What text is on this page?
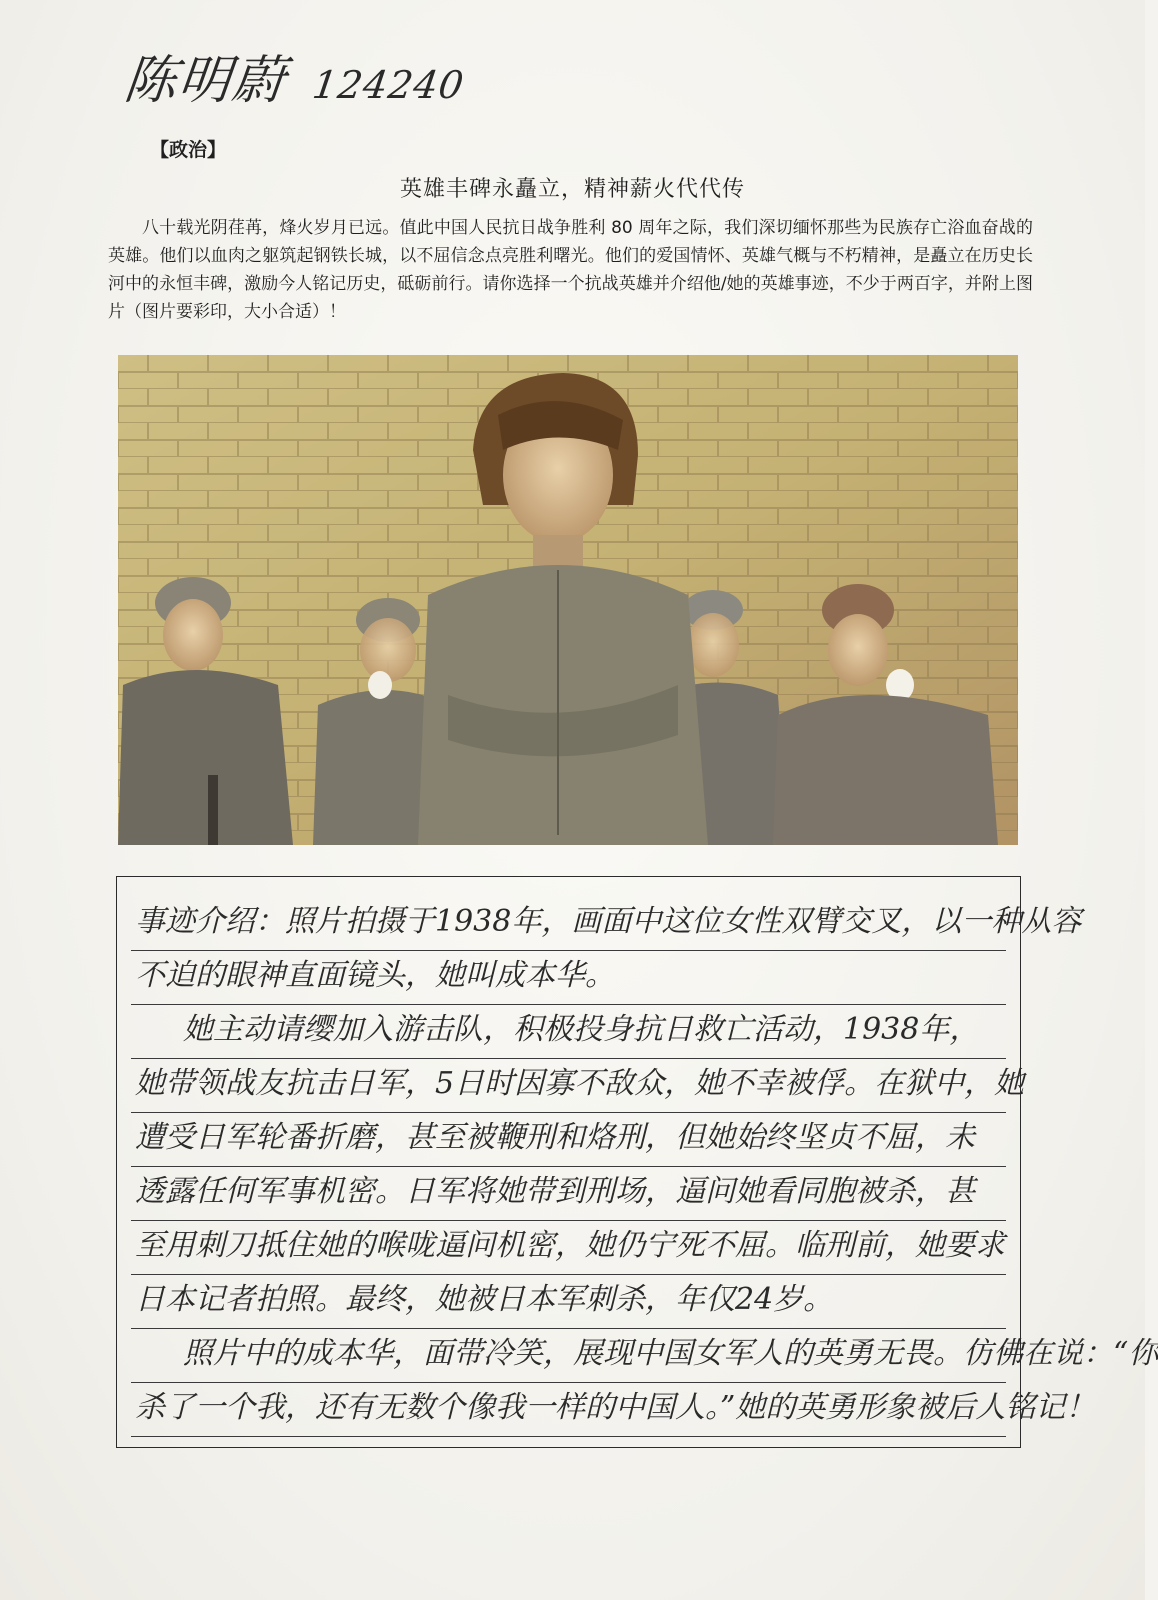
陈明蔚 124240
【政治】
英雄丰碑永矗立，精神薪火代代传
八十载光阴荏苒，烽火岁月已远。值此中国人民抗日战争胜利 80 周年之际，我们深切缅怀那些为民族存亡浴血奋战的英雄。他们以血肉之躯筑起钢铁长城，以不屈信念点亮胜利曙光。他们的爱国情怀、英雄气概与不朽精神，是矗立在历史长河中的永恒丰碑，激励今人铭记历史，砥砺前行。请你选择一个抗战英雄并介绍他/她的英雄事迹，不少于两百字，并附上图片（图片要彩印，大小合适）！
事迹介绍：照片拍摄于1938年，画面中这位女性双臂交叉，以一种从容
不迫的眼神直面镜头，她叫成本华。
她主动请缨加入游击队，积极投身抗日救亡活动，1938年，
她带领战友抗击日军，5日时因寡不敌众，她不幸被俘。在狱中，她
遭受日军轮番折磨，甚至被鞭刑和烙刑，但她始终坚贞不屈，未
透露任何军事机密。日军将她带到刑场，逼问她看同胞被杀，甚
至用刺刀抵住她的喉咙逼问机密，她仍宁死不屈。临刑前，她要求
日本记者拍照。最终，她被日本军刺杀，年仅24岁。
照片中的成本华，面带冷笑，展现中国女军人的英勇无畏。仿佛在说：“你
杀了一个我，还有无数个像我一样的中国人。”她的英勇形象被后人铭记！
